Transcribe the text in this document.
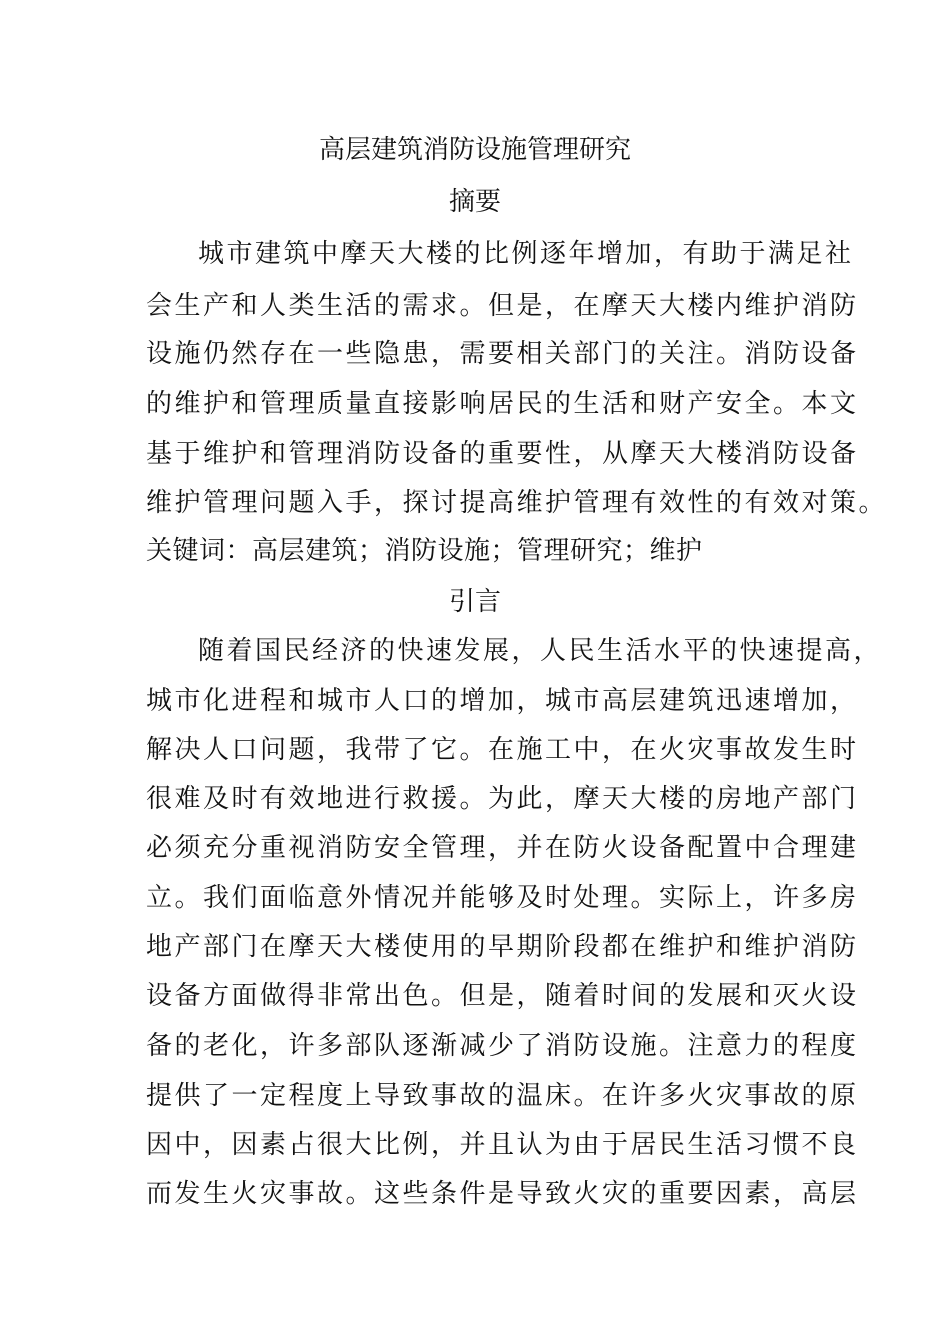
高层建筑消防设施管理研究
摘要
城市建筑中摩天大楼的比例逐年增加，有助于满足社
会生产和人类生活的需求。但是，在摩天大楼内维护消防
设施仍然存在一些隐患，需要相关部门的关注。消防设备
的维护和管理质量直接影响居民的生活和财产安全。本文
基于维护和管理消防设备的重要性，从摩天大楼消防设备
维护管理问题入手，探讨提高维护管理有效性的有效对策。
关键词：高层建筑；消防设施；管理研究；维护
引言
随着国民经济的快速发展，人民生活水平的快速提高，
城市化进程和城市人口的增加，城市高层建筑迅速增加，
解决人口问题，我带了它。在施工中，在火灾事故发生时
很难及时有效地进行救援。为此，摩天大楼的房地产部门
必须充分重视消防安全管理，并在防火设备配置中合理建
立。我们面临意外情况并能够及时处理。实际上，许多房
地产部门在摩天大楼使用的早期阶段都在维护和维护消防
设备方面做得非常出色。但是，随着时间的发展和灭火设
备的老化，许多部队逐渐减少了消防设施。注意力的程度
提供了一定程度上导致事故的温床。在许多火灾事故的原
因中，因素占很大比例，并且认为由于居民生活习惯不良
而发生火灾事故。这些条件是导致火灾的重要因素，高层
